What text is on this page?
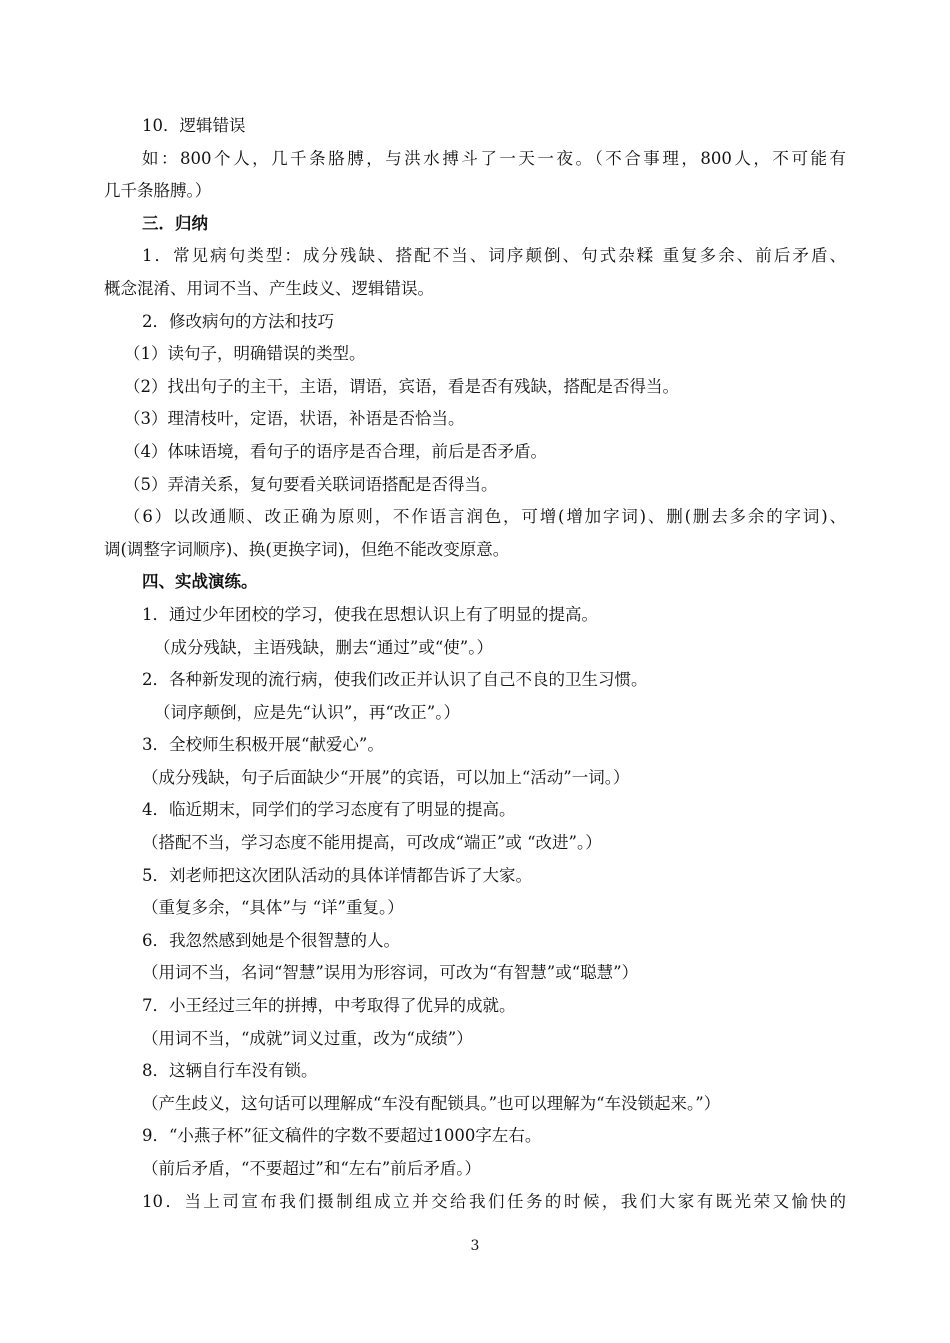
10．逻辑错误
如：800个人，几千条胳膊，与洪水搏斗了一天一夜。（不合事理，800人，不可能有
几千条胳膊。）
三．归纳
1．常见病句类型：成分残缺、搭配不当、词序颠倒、句式杂糅 重复多余、前后矛盾、
概念混淆、用词不当、产生歧义、逻辑错误。
2．修改病句的方法和技巧
（1）读句子，明确错误的类型。
（2）找出句子的主干，主语，谓语，宾语，看是否有残缺，搭配是否得当。
（3）理清枝叶，定语，状语，补语是否恰当。
（4）体味语境，看句子的语序是否合理，前后是否矛盾。
（5）弄清关系，复句要看关联词语搭配是否得当。
（6）以改通顺、改正确为原则，不作语言润色，可增(增加字词)、删(删去多余的字词)、
调(调整字词顺序)、换(更换字词)，但绝不能改变原意。
四、实战演练。
1．通过少年团校的学习，使我在思想认识上有了明显的提高。
（成分残缺，主语残缺，删去“通过”或“使”。）
2．各种新发现的流行病，使我们改正并认识了自己不良的卫生习惯。
（词序颠倒，应是先“认识”，再“改正”。）
3．全校师生积极开展“献爱心”。
（成分残缺，句子后面缺少“开展”的宾语，可以加上“活动”一词。）
4．临近期末，同学们的学习态度有了明显的提高。
（搭配不当，学习态度不能用提高，可改成“端正”或 “改进”。）
5．刘老师把这次团队活动的具体详情都告诉了大家。
（重复多余，“具体”与 “详”重复。）
6．我忽然感到她是个很智慧的人。
（用词不当，名词“智慧”误用为形容词，可改为“有智慧”或“聪慧”）
7．小王经过三年的拼搏，中考取得了优异的成就。
（用词不当，“成就”词义过重，改为“成绩”）
8．这辆自行车没有锁。
（产生歧义，这句话可以理解成“车没有配锁具。”也可以理解为“车没锁起来。”）
9．“小燕子杯”征文稿件的字数不要超过1000字左右。
（前后矛盾，“不要超过”和“左右”前后矛盾。）
10．当上司宣布我们摄制组成立并交给我们任务的时候，我们大家有既光荣又愉快的
3
